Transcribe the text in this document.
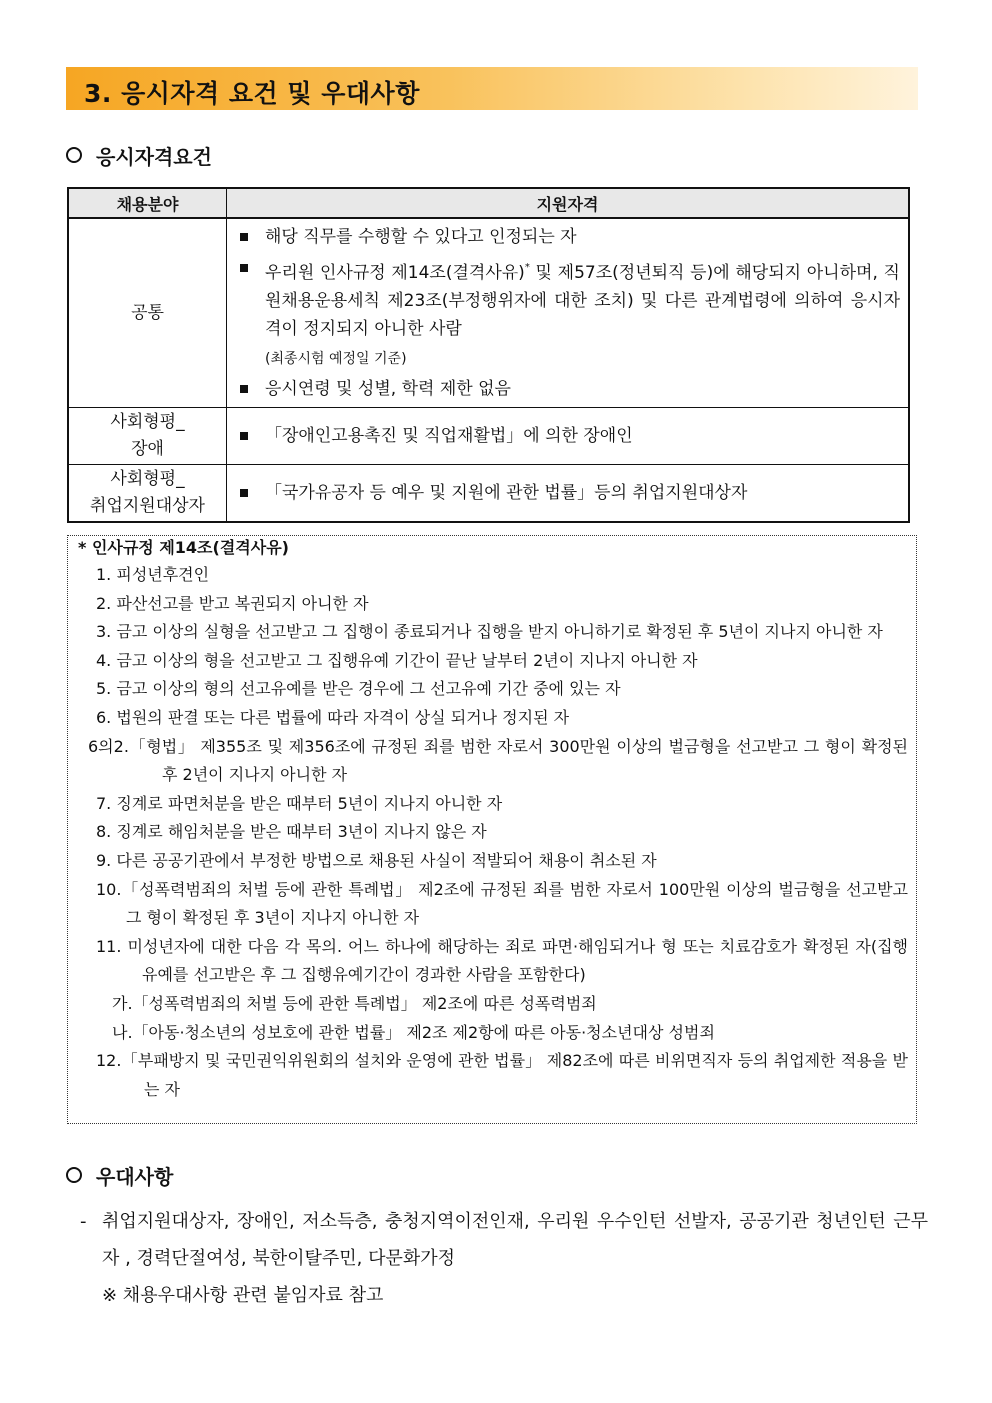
3. 응시자격 요건 및 우대사항
응시자격요건
채용분야	지원자격
공통	해당 직무를 수행할 수 있다고 인정되는 자
우리원 인사규정 제14조(결격사유)* 및 제57조(정년퇴직 등)에 해당되지 아니하며, 직원채용운용세칙 제23조(부정행위자에 대한 조치) 및 다른 관계법령에 의하여 응시자격이 정지되지 아니한 사람
(최종시험 예정일 기준)
응시연령 및 성별, 학력 제한 없음

사회형평_
장애	「장애인고용촉진 및 직업재활법」에 의한 장애인

사회형평_
취업지원대상자	「국가유공자 등 예우 및 지원에 관한 법률」등의 취업지원대상자
* 인사규정 제14조(결격사유)
1. 피성년후견인
2. 파산선고를 받고 복권되지 아니한 자
3. 금고 이상의 실형을 선고받고 그 집행이 종료되거나 집행을 받지 아니하기로 확정된 후 5년이 지나지 아니한 자
4. 금고 이상의 형을 선고받고 그 집행유예 기간이 끝난 날부터 2년이 지나지 아니한 자
5. 금고 이상의 형의 선고유예를 받은 경우에 그 선고유예 기간 중에 있는 자
6. 법원의 판결 또는 다른 법률에 따라 자격이 상실 되거나 정지된 자
6의2.「형법」 제355조 및 제356조에 규정된 죄를 범한 자로서 300만원 이상의 벌금형을 선고받고 그 형이 확정된 후 2년이 지나지 아니한 자
7. 징계로 파면처분을 받은 때부터 5년이 지나지 아니한 자
8. 징계로 해임처분을 받은 때부터 3년이 지나지 않은 자
9. 다른 공공기관에서 부정한 방법으로 채용된 사실이 적발되어 채용이 취소된 자
10.「성폭력범죄의 처벌 등에 관한 특례법」 제2조에 규정된 죄를 범한 자로서 100만원 이상의 벌금형을 선고받고 그 형이 확정된 후 3년이 지나지 아니한 자
11. 미성년자에 대한 다음 각 목의. 어느 하나에 해당하는 죄로 파면·해임되거나 형 또는 치료감호가 확정된 자(집행유예를 선고받은 후 그 집행유예기간이 경과한 사람을 포함한다)
가.「성폭력범죄의 처벌 등에 관한 특례법」 제2조에 따른 성폭력범죄
나.「아동·청소년의 성보호에 관한 법률」 제2조 제2항에 따른 아동·청소년대상 성범죄
12.「부패방지 및 국민권익위원회의 설치와 운영에 관한 법률」 제82조에 따른 비위면직자 등의 취업제한 적용을 받는 자
우대사항
- 취업지원대상자, 장애인, 저소득층, 충청지역이전인재, 우리원 우수인턴 선발자, 공공기관 청년인턴 근무자 , 경력단절여성, 북한이탈주민, 다문화가정
※ 채용우대사항 관련 붙임자료 참고
